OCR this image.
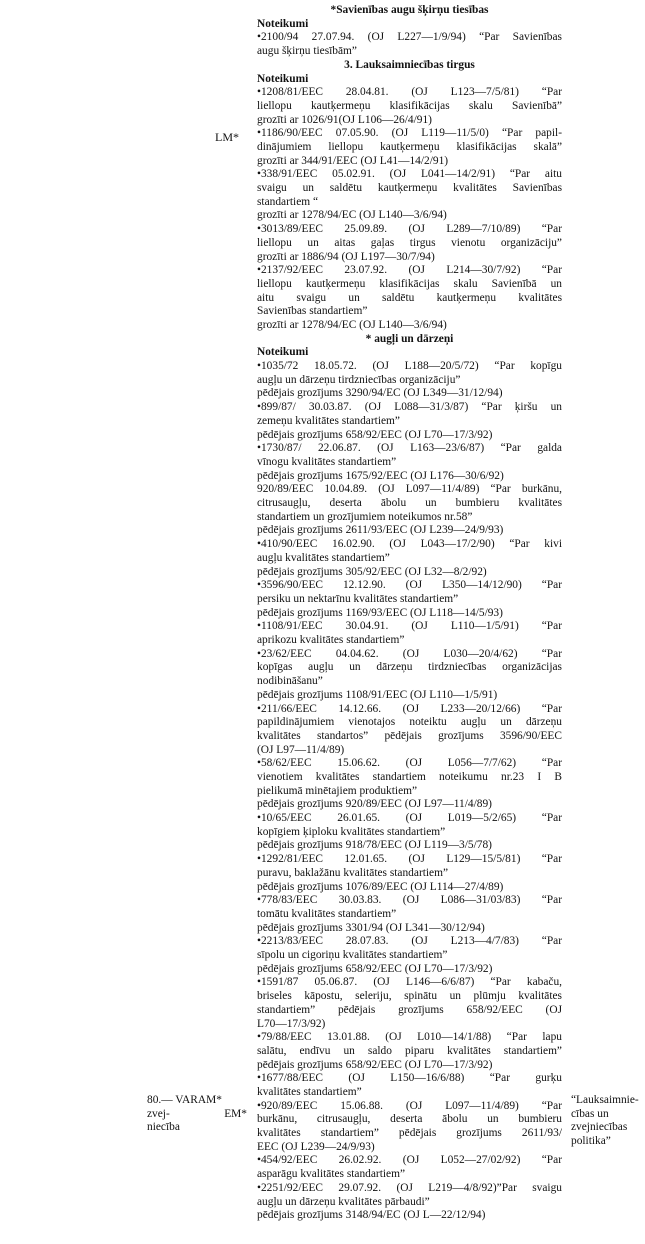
LM*
*Savienības augu šķirņu tiesības
Noteikumi
•2100/94 27.07.94. (OJ L227—1/9/94) “Par Savienības
augu šķirņu tiesībām”
3. Lauksaimniecības tirgus
Noteikumi
•1208/81/EEC 28.04.81. (OJ L123—7/5/81) “Par
liellopu kautķermeņu klasifikācijas skalu Savienībā”
grozīti ar 1026/91(OJ L106—26/4/91)
•1186/90/EEC 07.05.90. (OJ L119—11/5/0) “Par papil-
dinājumiem liellopu kautķermeņu klasifikācijas skalā”
grozīti ar 344/91/EEC (OJ L41—14/2/91)
•338/91/EEC 05.02.91. (OJ L041—14/2/91) “Par aitu
svaigu un saldētu kautķermeņu kvalitātes Savienības
standartiem “
grozīti ar 1278/94/EC (OJ L140—3/6/94)
•3013/89/EEC 25.09.89. (OJ L289—7/10/89) “Par
liellopu un aitas gaļas tirgus vienotu organizāciju”
grozīti ar 1886/94 (OJ L197—30/7/94)
•2137/92/EEC 23.07.92. (OJ L214—30/7/92) “Par
liellopu kautķermeņu klasifikācijas skalu Savienībā un
aitu svaigu un saldētu kautķermeņu kvalitātes
Savienības standartiem”
grozīti ar 1278/94/EC (OJ L140—3/6/94)
* augļi un dārzeņi
Noteikumi
•1035/72 18.05.72. (OJ L188—20/5/72) “Par kopīgu
augļu un dārzeņu tirdzniecības organizāciju”
pēdējais grozījums 3290/94/EC (OJ L349—31/12/94)
•899/87/ 30.03.87. (OJ L088—31/3/87) “Par ķiršu un
zemeņu kvalitātes standartiem”
pēdējais grozījums 658/92/EEC (OJ L70—17/3/92)
•1730/87/ 22.06.87. (OJ L163—23/6/87) “Par galda
vīnogu kvalitātes standartiem”
pēdējais grozījums 1675/92/EEC (OJ L176—30/6/92)
920/89/EEC 10.04.89. (OJ L097—11/4/89) “Par burkānu,
citrusaugļu, deserta ābolu un bumbieru kvalitātes
standartiem un grozījumiem noteikumos nr.58”
pēdējais grozījums 2611/93/EEC (OJ L239—24/9/93)
•410/90/EEC 16.02.90. (OJ L043—17/2/90) “Par kivi
augļu kvalitātes standartiem”
pēdējais grozījums 305/92/EEC (OJ L32—8/2/92)
•3596/90/EEC 12.12.90. (OJ L350—14/12/90) “Par
persiku un nektarīnu kvalitātes standartiem”
pēdējais grozījums 1169/93/EEC (OJ L118—14/5/93)
•1108/91/EEC 30.04.91. (OJ L110—1/5/91) “Par
aprikozu kvalitātes standartiem”
•23/62/EEC 04.04.62. (OJ L030—20/4/62) “Par
kopīgas augļu un dārzeņu tirdzniecības organizācijas
nodibināšanu”
pēdējais grozījums 1108/91/EEC (OJ L110—1/5/91)
•211/66/EEC 14.12.66. (OJ L233—20/12/66) “Par
papildinājumiem vienotajos noteiktu augļu un dārzeņu
kvalitātes standartos” pēdējais grozījums 3596/90/EEC
(OJ L97—11/4/89)
•58/62/EEC 15.06.62. (OJ L056—7/7/62) “Par
vienotiem kvalitātes standartiem noteikumu nr.23 I B
pielikumā minētajiem produktiem”
pēdējais grozījums 920/89/EEC (OJ L97—11/4/89)
•10/65/EEC 26.01.65. (OJ L019—5/2/65) “Par
kopīgiem ķiploku kvalitātes standartiem”
pēdējais grozījums 918/78/EEC (OJ L119—3/5/78)
•1292/81/EEC 12.01.65. (OJ L129—15/5/81) “Par
puravu, baklažānu kvalitātes standartiem”
pēdējais grozījums 1076/89/EEC (OJ L114—27/4/89)
•778/83/EEC 30.03.83. (OJ L086—31/03/83) “Par
tomātu kvalitātes standartiem”
pēdējais grozījums 3301/94 (OJ L341—30/12/94)
•2213/83/EEC 28.07.83. (OJ L213—4/7/83) “Par
sīpolu un cigoriņu kvalitātes standartiem”
pēdējais grozījums 658/92/EEC (OJ L70—17/3/92)
•1591/87 05.06.87. (OJ L146—6/6/87) “Par kabaču,
briseles kāpostu, seleriju, spinātu un plūmju kvalitātes
standartiem” pēdējais grozījums 658/92/EEC (OJ
L70—17/3/92)
•79/88/EEC 13.01.88. (OJ L010—14/1/88) “Par lapu
salātu, endīvu un saldo piparu kvalitātes standartiem”
pēdējais grozījums 658/92/EEC (OJ L70—17/3/92)
•1677/88/EEC (OJ L150—16/6/88) “Par gurķu
kvalitātes standartiem”
•920/89/EEC 15.06.88. (OJ L097—11/4/89) “Par
burkānu, citrusaugļu, deserta ābolu un bumbieru
kvalitātes standartiem” pēdējais grozījums 2611/93/
EEC (OJ L239—24/9/93)
•454/92/EEC 26.02.92. (OJ L052—27/02/92) “Par
asparāgu kvalitātes standartiem”
•2251/92/EEC 29.07.92. (OJ L219—4/8/92)”Par svaigu
augļu un dārzeņu kvalitātes pārbaudi”
pēdējais grozījums 3148/94/EC (OJ L—22/12/94)
80.— VARAM*
zvej-	EM*
niecība
“Lauksaimnie-
cības un
zvejniecības
politika”
